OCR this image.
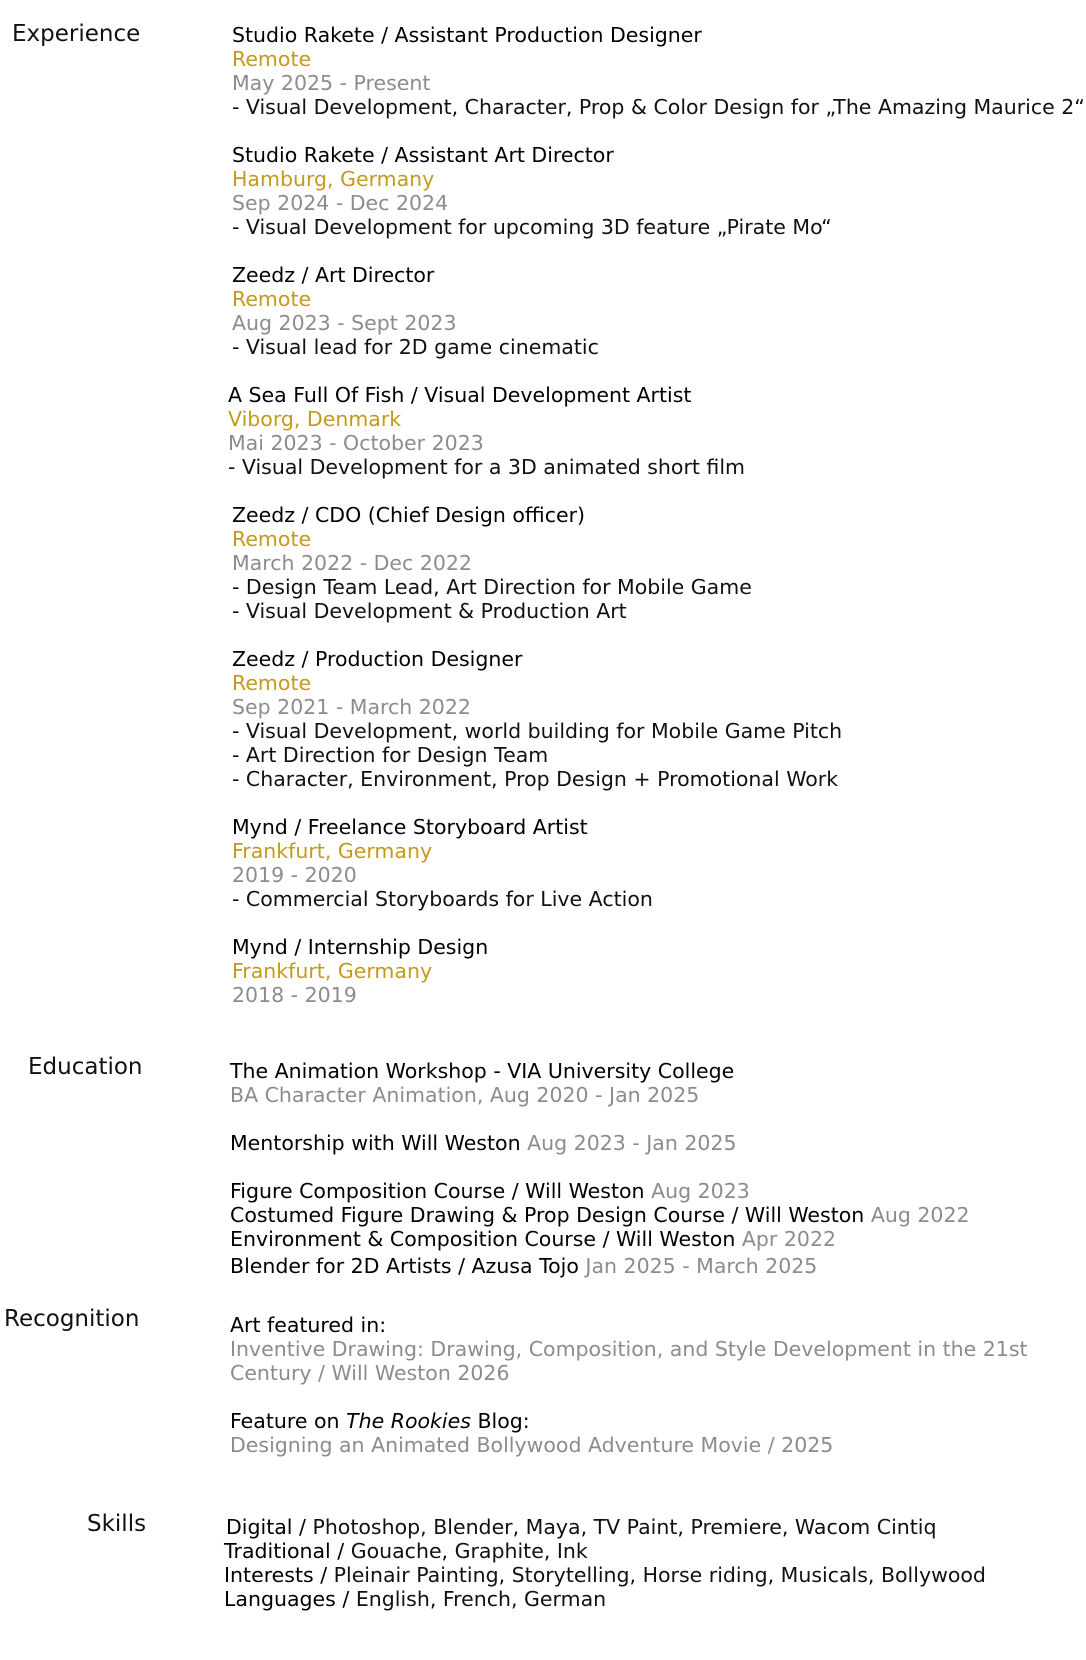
Experience
Education
Recognition
Skills
Studio Rakete / Assistant Production Designer
Remote
May 2025 - Present
- Visual Development, Character, Prop & Color Design for „The Amazing Maurice 2“
Studio Rakete / Assistant Art Director
Hamburg, Germany
Sep 2024 - Dec 2024
- Visual Development for upcoming 3D feature „Pirate Mo“
Zeedz / Art Director
Remote
Aug 2023 - Sept 2023
- Visual lead for 2D game cinematic
A Sea Full Of Fish / Visual Development Artist
Viborg, Denmark
Mai 2023 - October 2023
- Visual Development for a 3D animated short film
Zeedz / CDO (Chief Design officer)
Remote
March 2022 - Dec 2022
- Design Team Lead, Art Direction for Mobile Game
- Visual Development & Production Art
Zeedz / Production Designer
Remote
Sep 2021 - March 2022
- Visual Development, world building for Mobile Game Pitch
- Art Direction for Design Team
- Character, Environment, Prop Design + Promotional Work
Mynd / Freelance Storyboard Artist
Frankfurt, Germany
2019 - 2020
- Commercial Storyboards for Live Action
Mynd / Internship Design
Frankfurt, Germany
2018 - 2019
The Animation Workshop - VIA University College
BA Character Animation, Aug 2020 - Jan 2025
Mentorship with Will Weston Aug 2023 - Jan 2025
Figure Composition Course / Will Weston Aug 2023
Costumed Figure Drawing & Prop Design Course / Will Weston Aug 2022
Environment & Composition Course / Will Weston Apr 2022
Blender for 2D Artists / Azusa Tojo Jan 2025 - March 2025
Art featured in:
Inventive Drawing: Drawing, Composition, and Style Development in the 21st Century / Will Weston 2026
Feature on The Rookies Blog:
Designing an Animated Bollywood Adventure Movie / 2025
Digital / Photoshop, Blender, Maya, TV Paint, Premiere, Wacom Cintiq
Traditional / Gouache, Graphite, Ink
Interests / Pleinair Painting, Storytelling, Horse riding, Musicals, Bollywood
Languages / English, French, German
